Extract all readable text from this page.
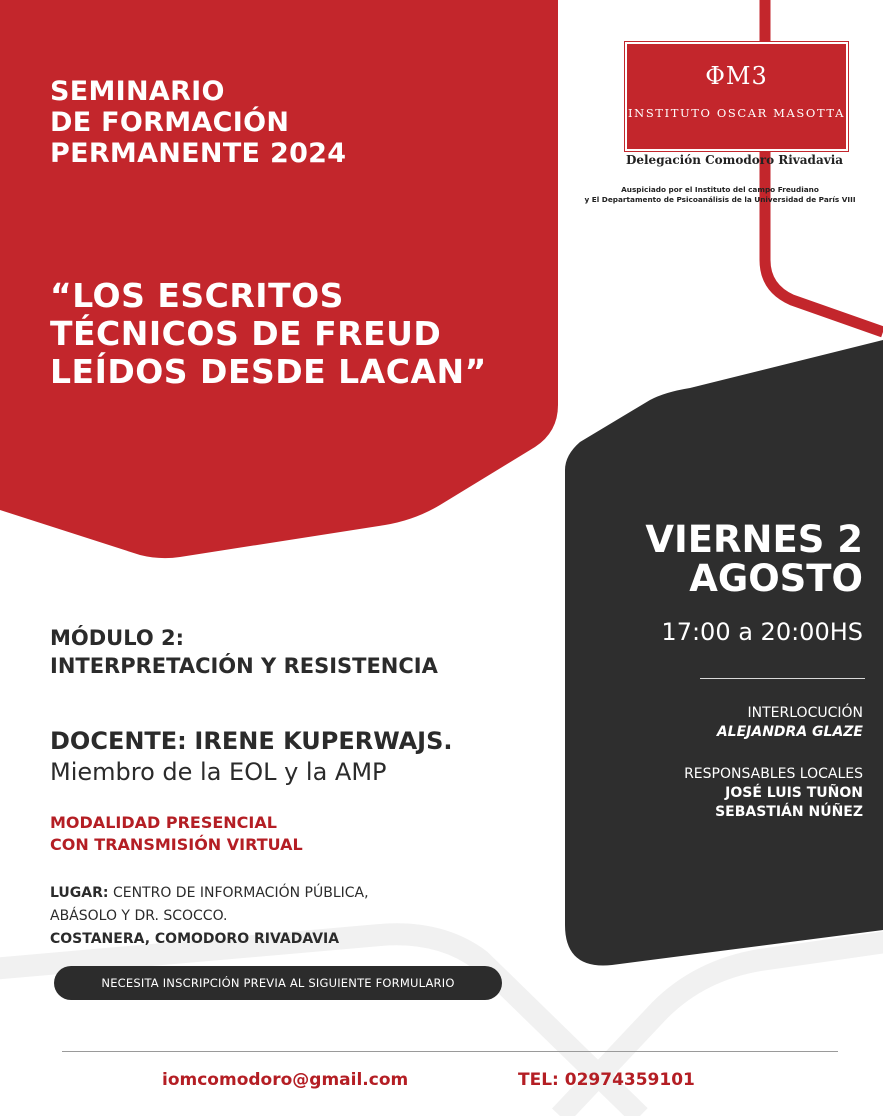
SEMINARIO
DE FORMACIÓN
PERMANENTE 2024
“LOS ESCRITOS
TÉCNICOS DE FREUD
LEÍDOS DESDE LACAN”
ΦM3
INSTITUTO OSCAR MASOTTA
Delegación Comodoro Rivadavia
Auspiciado por el Instituto del campo Freudiano
y El Departamento de Psicoanálisis de la Universidad de París VIII
VIERNES 2
AGOSTO
17:00 a 20:00HS
INTERLOCUCIÓN
ALEJANDRA GLAZE
RESPONSABLES LOCALES
JOSÉ LUIS TUÑON
SEBASTIÁN NÚÑEZ
MÓDULO 2:
INTERPRETACIÓN Y RESISTENCIA
DOCENTE: IRENE KUPERWAJS.
Miembro de la EOL y la AMP
MODALIDAD PRESENCIAL
CON TRANSMISIÓN VIRTUAL
LUGAR: CENTRO DE INFORMACIÓN PÚBLICA,
ABÁSOLO Y DR. SCOCCO.
COSTANERA, COMODORO RIVADAVIA
NECESITA INSCRIPCIÓN PREVIA AL SIGUIENTE FORMULARIO
iomcomodoro@gmail.com	TEL: 02974359101
